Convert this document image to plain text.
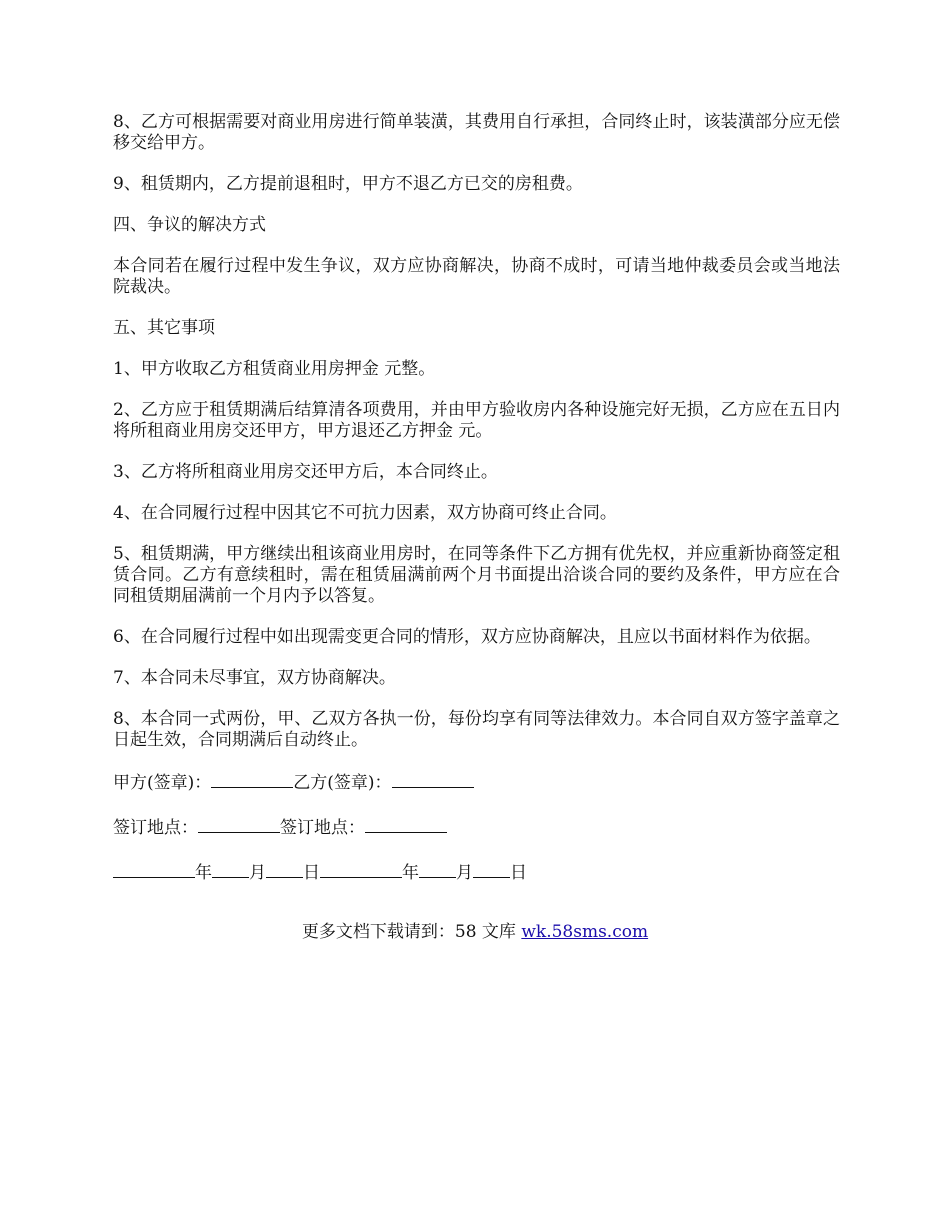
8、乙方可根据需要对商业用房进行简单装潢，其费用自行承担，合同终止时，该装潢部分应无偿移交给甲方。

9、租赁期内，乙方提前退租时，甲方不退乙方已交的房租费。

四、争议的解决方式

本合同若在履行过程中发生争议，双方应协商解决，协商不成时，可请当地仲裁委员会或当地法院裁决。

五、其它事项

1、甲方收取乙方租赁商业用房押金 元整。

2、乙方应于租赁期满后结算清各项费用，并由甲方验收房内各种设施完好无损，乙方应在五日内将所租商业用房交还甲方，甲方退还乙方押金 元。

3、乙方将所租商业用房交还甲方后，本合同终止。

4、在合同履行过程中因其它不可抗力因素，双方协商可终止合同。

5、租赁期满，甲方继续出租该商业用房时，在同等条件下乙方拥有优先权，并应重新协商签定租赁合同。乙方有意续租时，需在租赁届满前两个月书面提出洽谈合同的要约及条件，甲方应在合同租赁期届满前一个月内予以答复。

6、在合同履行过程中如出现需变更合同的情形，双方应协商解决，且应以书面材料作为依据。

7、本合同未尽事宜，双方协商解决。

8、本合同一式两份，甲、乙双方各执一份，每份均享有同等法律效力。本合同自双方签字盖章之日起生效，合同期满后自动终止。

甲方(签章)：	乙方(签章)：
签订地点：	签订地点：
年 月 日	年 月 日
更多文档下载请到：58 文库 wk.58sms.com
